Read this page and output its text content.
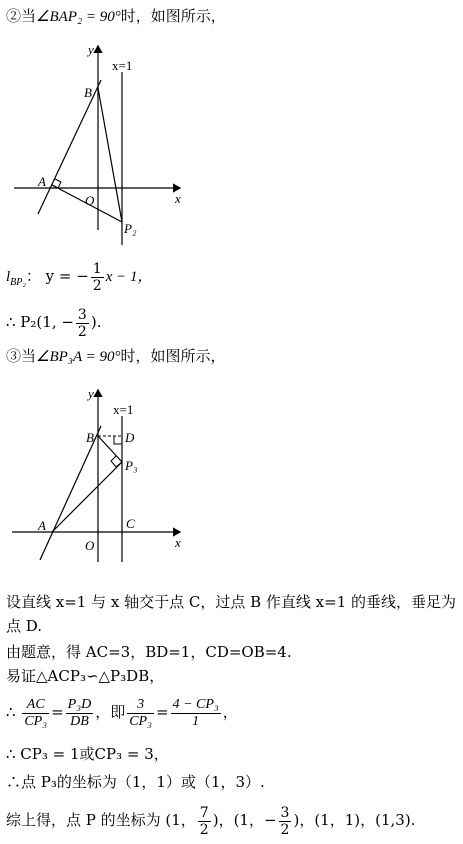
②当∠BAP₂ = 90°时，如图所示，
y
x=1
B
A
O	x
P₂
$l_{BP_2}$： y = − $\frac{1}{2}$ x − 1，
∴ P₂(1, − $\frac{3}{2}$ ).
③当∠BP₃A = 90°时，如图所示，
y
x=1
B D
P₃
A	C
O	x
设直线 x=1 与 x 轴交于点 C，过点 B 作直线 x=1 的垂线，垂足为
点 D.
由题意，得 AC=3，BD=1，CD=OB=4.
易证△ACP₃∽△P₃DB，
∴ $\frac{AC}{\text{CP₃}} = \frac{\text{P₃D}}{DB}$ ，即 $\frac{3}{\text{CP₃}} = \frac{\text{4 − CP₃}}{1}$ ，
∴ CP₃ = 1或CP₃ = 3，
∴点 P₃的坐标为（1，1）或（1，3）.
综上得，点 P 的坐标为 (1， $\frac{7}{2}$ )，(1，− $\frac{3}{2}$ )，(1，1)，(1,3).
